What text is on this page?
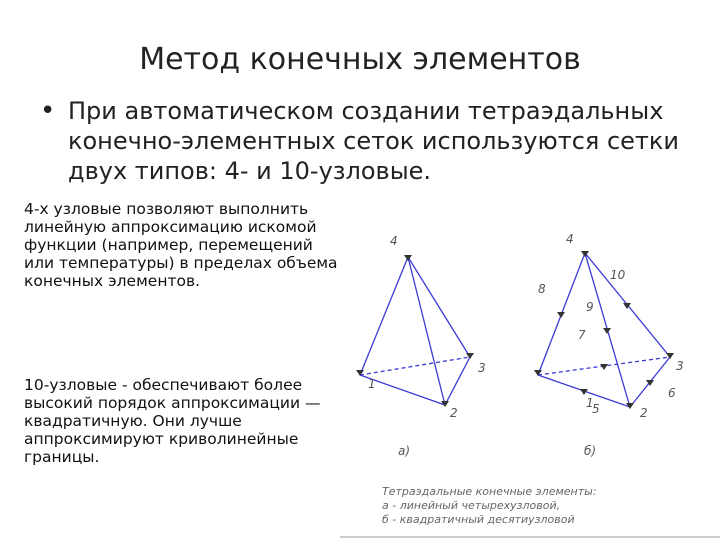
Метод конечных элементов
• При автоматическом создании тетраэдальных конечно-элементных сеток используются сетки двух типов: 4- и 10-узловые.
4-х узловые позволяют выполнить линейную аппроксимацию искомой функции (например, перемещений или температуры) в пределах объема конечных элементов.
10-узловые - обеспечивают более высокий порядок аппроксимации — квадратичную. Они лучше аппроксимируют криволинейные границы.
4
1
2
3
4
1
2
3
5
6
7
8
9
10
а)	б)
Тетраэдальные конечные элементы:
а - линейный четырехузловой,
б - квадратичный десятиузловой
